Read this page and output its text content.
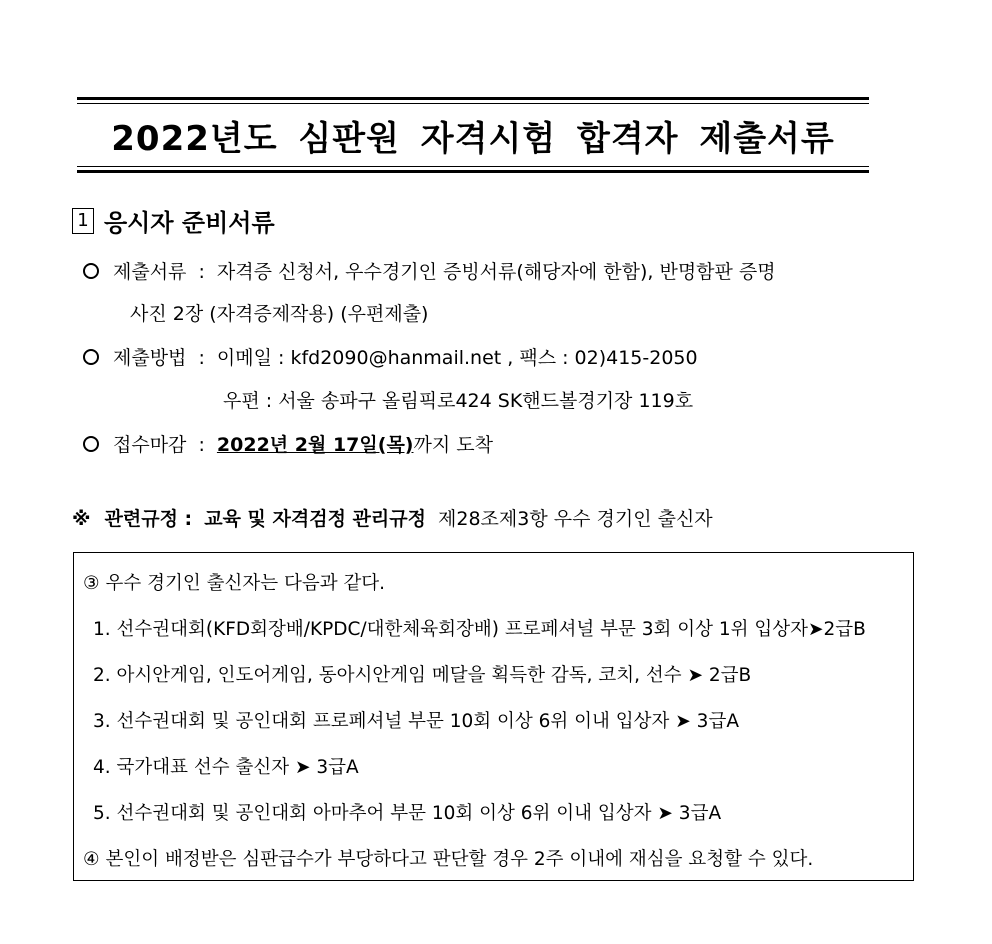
2022년도 심판원 자격시험 합격자 제출서류
1 응시자 준비서류
제출서류 : 자격증 신청서, 우수경기인 증빙서류(해당자에 한함), 반명함판 증명
사진 2장 (자격증제작용) (우편제출)
제출방법 : 이메일 : kfd2090@hanmail.net , 팩스 : 02)415-2050
우편 : 서울 송파구 올림픽로424 SK핸드볼경기장 119호
접수마감 : 2022년 2월 17일(목)까지 도착
※ 관련규정 : 교육 및 자격검정 관리규정 제28조제3항 우수 경기인 출신자
③ 우수 경기인 출신자는 다음과 같다.
1. 선수권대회(KFD회장배/KPDC/대한체육회장배) 프로페셔널 부문 3회 이상 1위 입상자➤2급B
2. 아시안게임, 인도어게임, 동아시안게임 메달을 획득한 감독, 코치, 선수 ➤ 2급B
3. 선수권대회 및 공인대회 프로페셔널 부문 10회 이상 6위 이내 입상자 ➤ 3급A
4. 국가대표 선수 출신자 ➤ 3급A
5. 선수권대회 및 공인대회 아마추어 부문 10회 이상 6위 이내 입상자 ➤ 3급A
④ 본인이 배정받은 심판급수가 부당하다고 판단할 경우 2주 이내에 재심을 요청할 수 있다.
